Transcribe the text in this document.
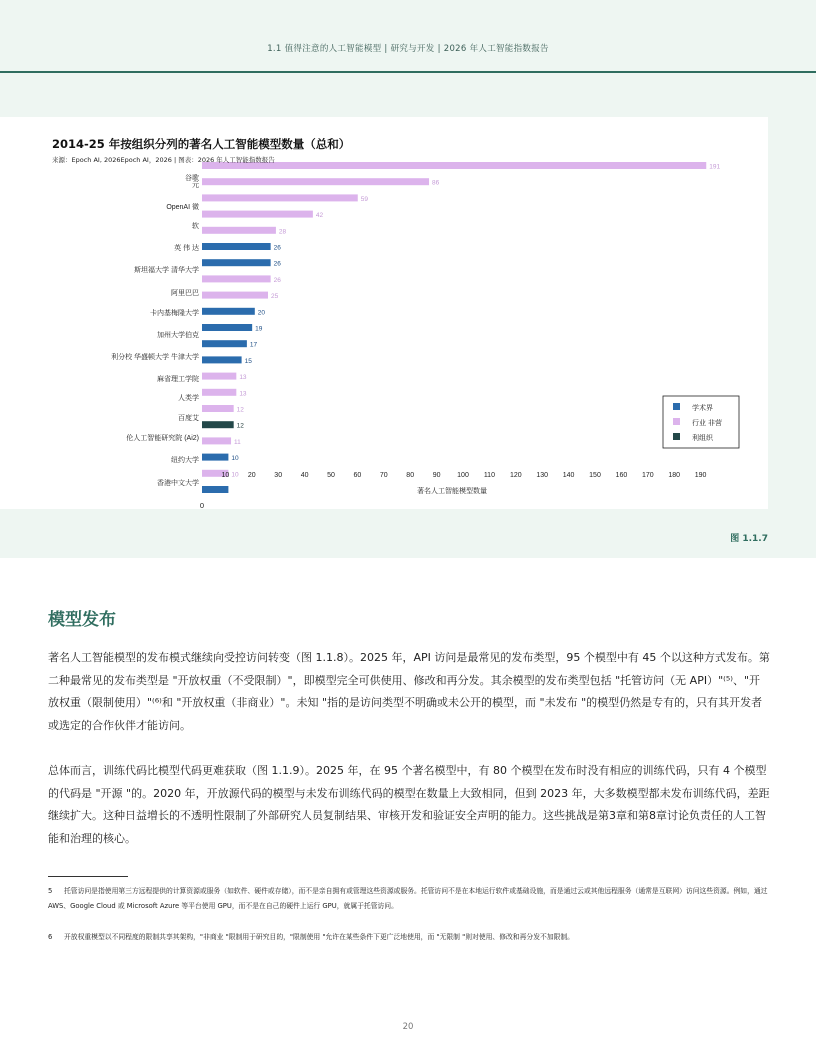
1.1 值得注意的人工智能模型 | 研究与开发 | 2026 年人工智能指数报告
191
86
59
42
28
26
26
26
25
20
19
17
15
13
13
12
12
11
10
10
谷歌
元
OpenAI 微
软
英 伟 达
斯坦福大学 清华大学
阿里巴巴
卡内基梅隆大学
加州大学伯克
利分校 华盛顿大学 牛津大学
麻省理工学院
人类学
百度艾
伦人工智能研究院 (Ai2)
纽约大学
香港中文大学
10	20	30	40	50	60	70	80	90 100 110 120 130 140 150 160 170 180 190
0
著名人工智能模型数量
学术界
行业 非营
利组织
2014-25 年按组织分列的著名人工智能模型数量（总和）
来源：Epoch AI, 2026Epoch AI，2026 | 图表：2026 年人工智能指数报告
图 1.1.7
模型发布

著名人工智能模型的发布模式继续向受控访问转变（图 1.1.8）。2025 年，API 访问是最常见的发布类型，95 个模型中有 45 个以这种方式发布。第二种最常见的发布类型是 "开放权重（不受限制）"，即模型完全可供使用、修改和再分发。其余模型的发布类型包括 "托管访问（无 API）"⁽⁵⁾、"开放权重（限制使用）"⁽⁶⁾和 "开放权重（非商业）"。未知 "指的是访问类型不明确或未公开的模型，而 "未发布 "的模型仍然是专有的，只有其开发者或选定的合作伙伴才能访问。

总体而言，训练代码比模型代码更难获取（图 1.1.9）。2025 年，在 95 个著名模型中，有 80 个模型在发布时没有相应的训练代码，只有 4 个模型的代码是 "开源 "的。2020 年，开放源代码的模型与未发布训练代码的模型在数量上大致相同，但到 2023 年，大多数模型都未发布训练代码，差距继续扩大。这种日益增长的不透明性限制了外部研究人员复制结果、审核开发和验证安全声明的能力。这些挑战是第3章和第8章讨论负责任的人工智能和治理的核心。

5 托管访问是指使用第三方远程提供的计算资源或服务（如软件、硬件或存储），而不是亲自拥有或管理这些资源或服务。托管访问不是在本地运行软件或基础设施，而是通过云或其他远程服务（通常是互联网）访问这些资源。例如，通过 AWS、Google Cloud 或 Microsoft Azure 等平台使用 GPU，而不是在自己的硬件上运行 GPU，就属于托管访问。
6 开放权重模型以不同程度的限制共享其架构，"非商业 "限制用于研究目的，"限制使用 "允许在某些条件下更广泛地使用，而 "无限制 "则对使用、修改和再分发不加限制。
20
